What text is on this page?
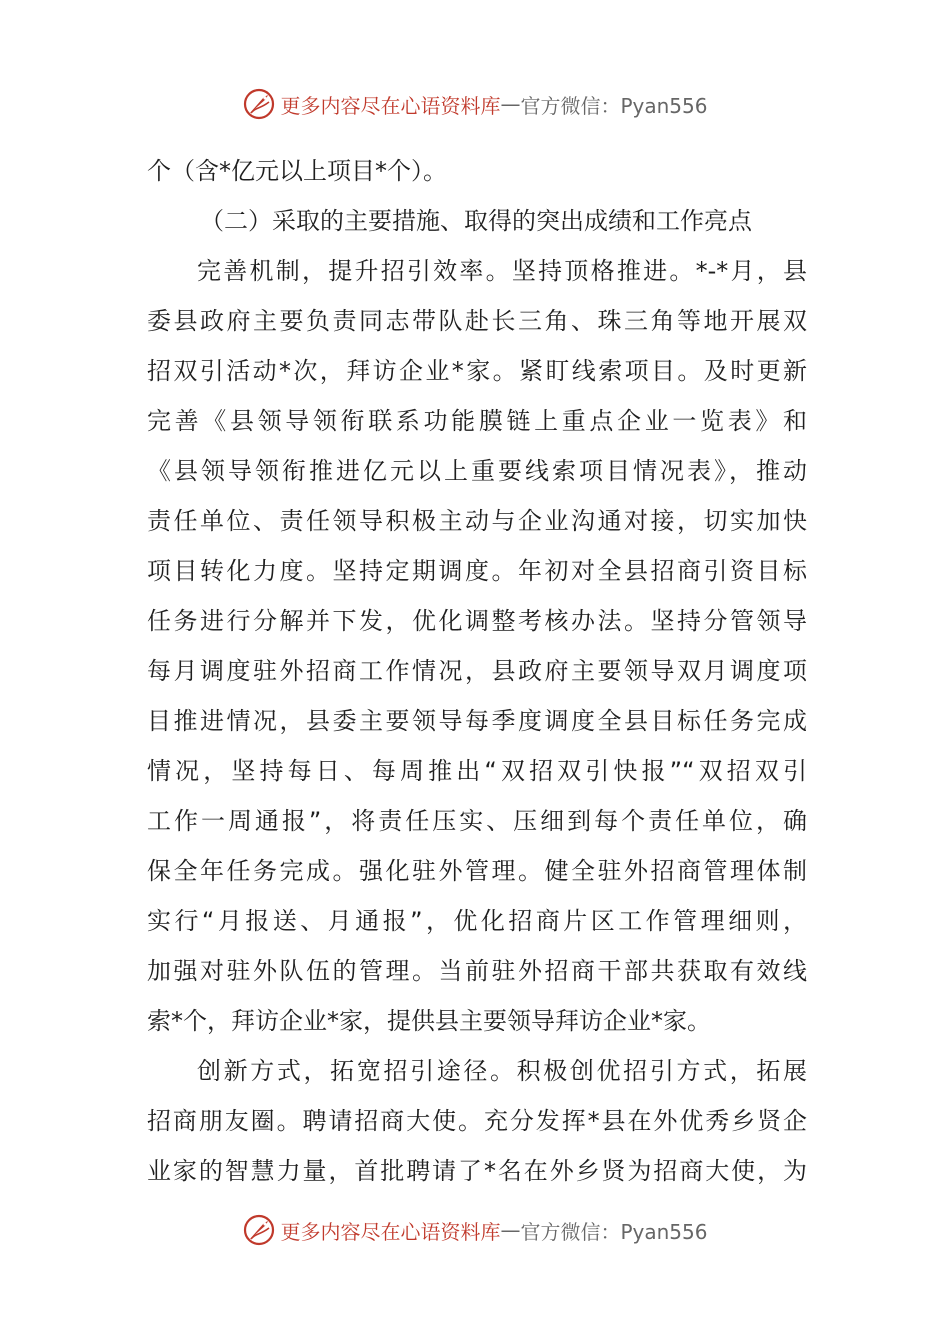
更多内容尽在心语资料库 — 官方微信：Pyan556
个（含*亿元以上项目*个）。
（二）采取的主要措施、取得的突出成绩和工作亮点
完善机制，提升招引效率。坚持顶格推进。*-*月，县
委县政府主要负责同志带队赴长三角、珠三角等地开展双
招双引活动*次，拜访企业*家。紧盯线索项目。及时更新
完善《县领导领衔联系功能膜链上重点企业一览表》和
《县领导领衔推进亿元以上重要线索项目情况表》，推动
责任单位、责任领导积极主动与企业沟通对接，切实加快
项目转化力度。坚持定期调度。年初对全县招商引资目标
任务进行分解并下发，优化调整考核办法。坚持分管领导
每月调度驻外招商工作情况，县政府主要领导双月调度项
目推进情况，县委主要领导每季度调度全县目标任务完成
情况，坚持每日、每周推出“双招双引快报”“双招双引
工作一周通报”，将责任压实、压细到每个责任单位，确
保全年任务完成。强化驻外管理。健全驻外招商管理体制
实行“月报送、月通报”，优化招商片区工作管理细则，
加强对驻外队伍的管理。当前驻外招商干部共获取有效线
索*个，拜访企业*家，提供县主要领导拜访企业*家。
创新方式，拓宽招引途径。积极创优招引方式，拓展
招商朋友圈。聘请招商大使。充分发挥*县在外优秀乡贤企
业家的智慧力量，首批聘请了*名在外乡贤为招商大使，为
更多内容尽在心语资料库 — 官方微信：Pyan556
